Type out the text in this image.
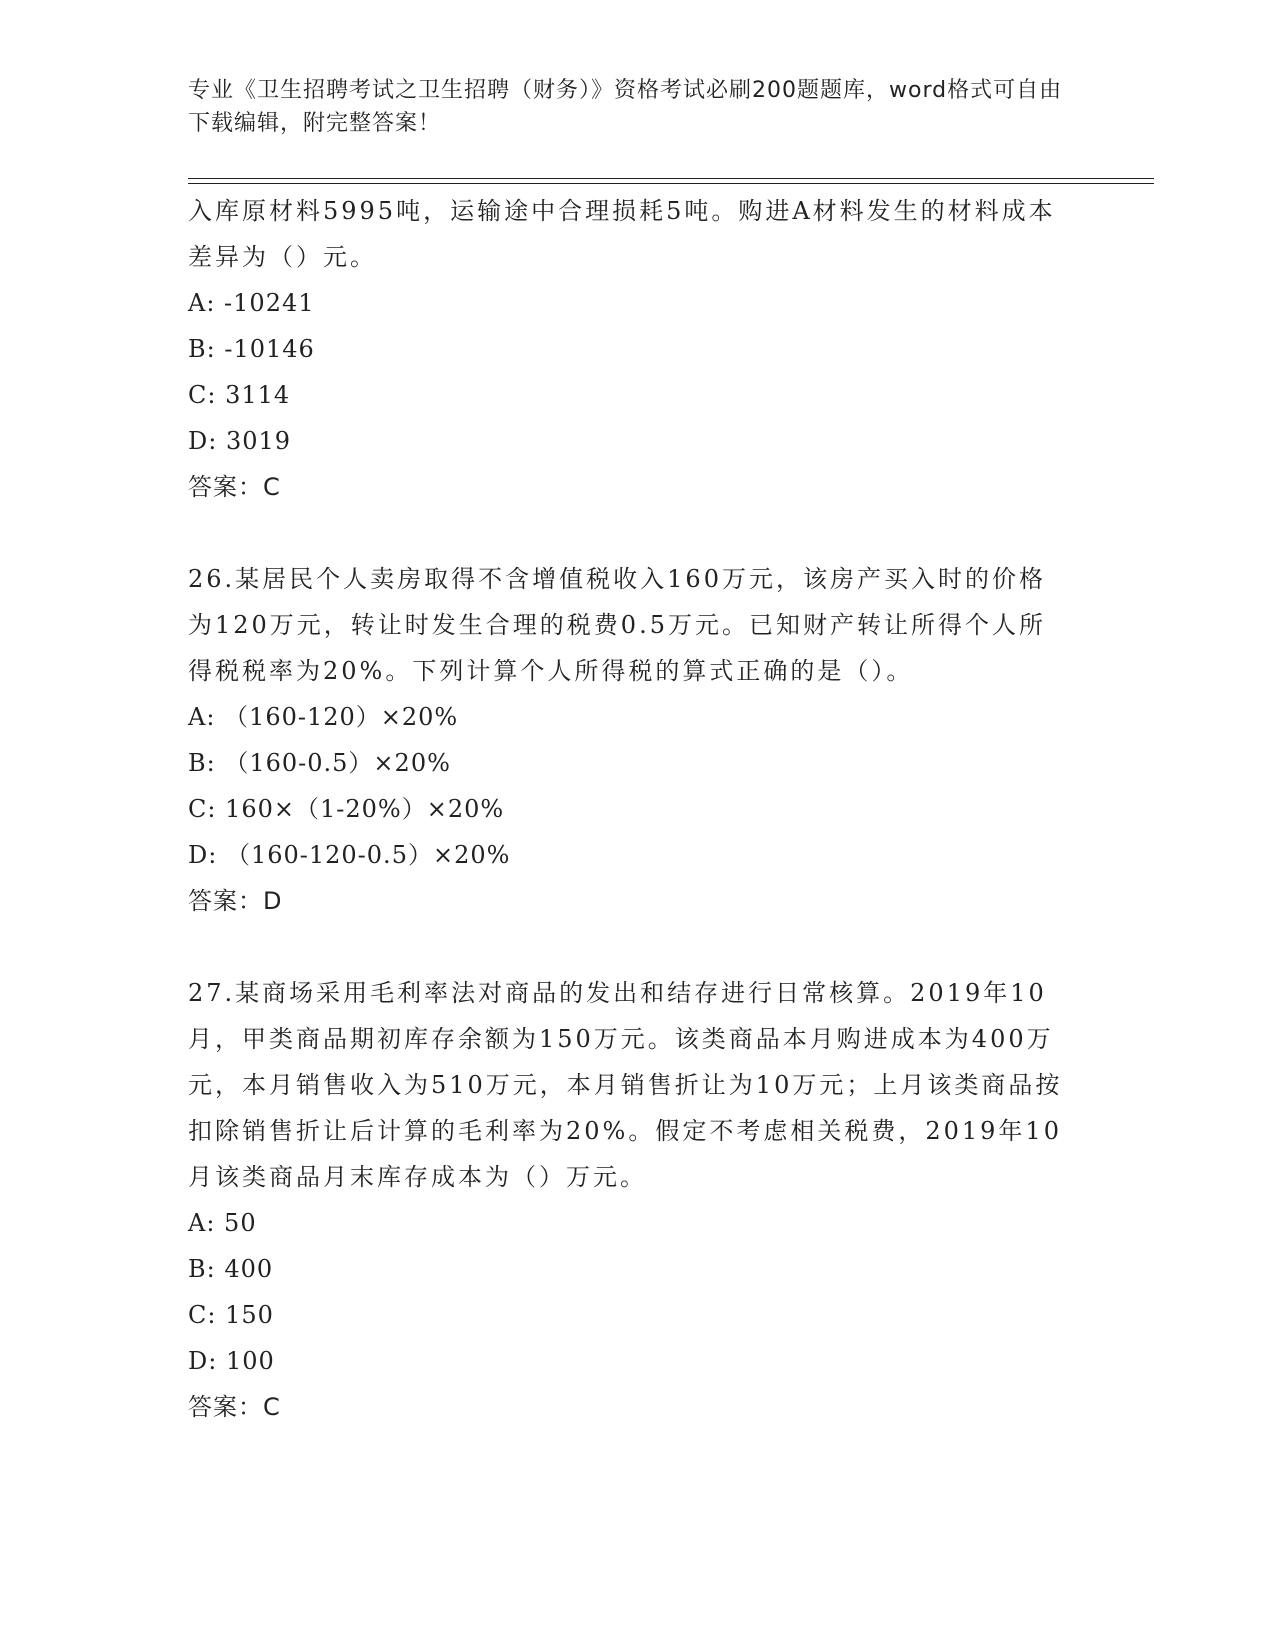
专业《卫生招聘考试之卫生招聘（财务）》资格考试必刷200题题库，word格式可自由下载编辑，附完整答案！

入库原材料5995吨，运输途中合理损耗5吨。购进A材料发生的材料成本差异为（）元。

A: -10241

B: -10146

C: 3114

D: 3019

答案：C

26.某居民个人卖房取得不含增值税收入160万元，该房产买入时的价格为120万元，转让时发生合理的税费0.5万元。已知财产转让所得个人所得税税率为20%。下列计算个人所得税的算式正确的是（）。

A: （160-120）×20%

B: （160-0.5）×20%

C: 160×（1-20%）×20%

D: （160-120-0.5）×20%

答案：D

27.某商场采用毛利率法对商品的发出和结存进行日常核算。2019年10月，甲类商品期初库存余额为150万元。该类商品本月购进成本为400万元，本月销售收入为510万元，本月销售折让为10万元；上月该类商品按扣除销售折让后计算的毛利率为20%。假定不考虑相关税费，2019年10月该类商品月末库存成本为（）万元。

A: 50

B: 400

C: 150

D: 100

答案：C
